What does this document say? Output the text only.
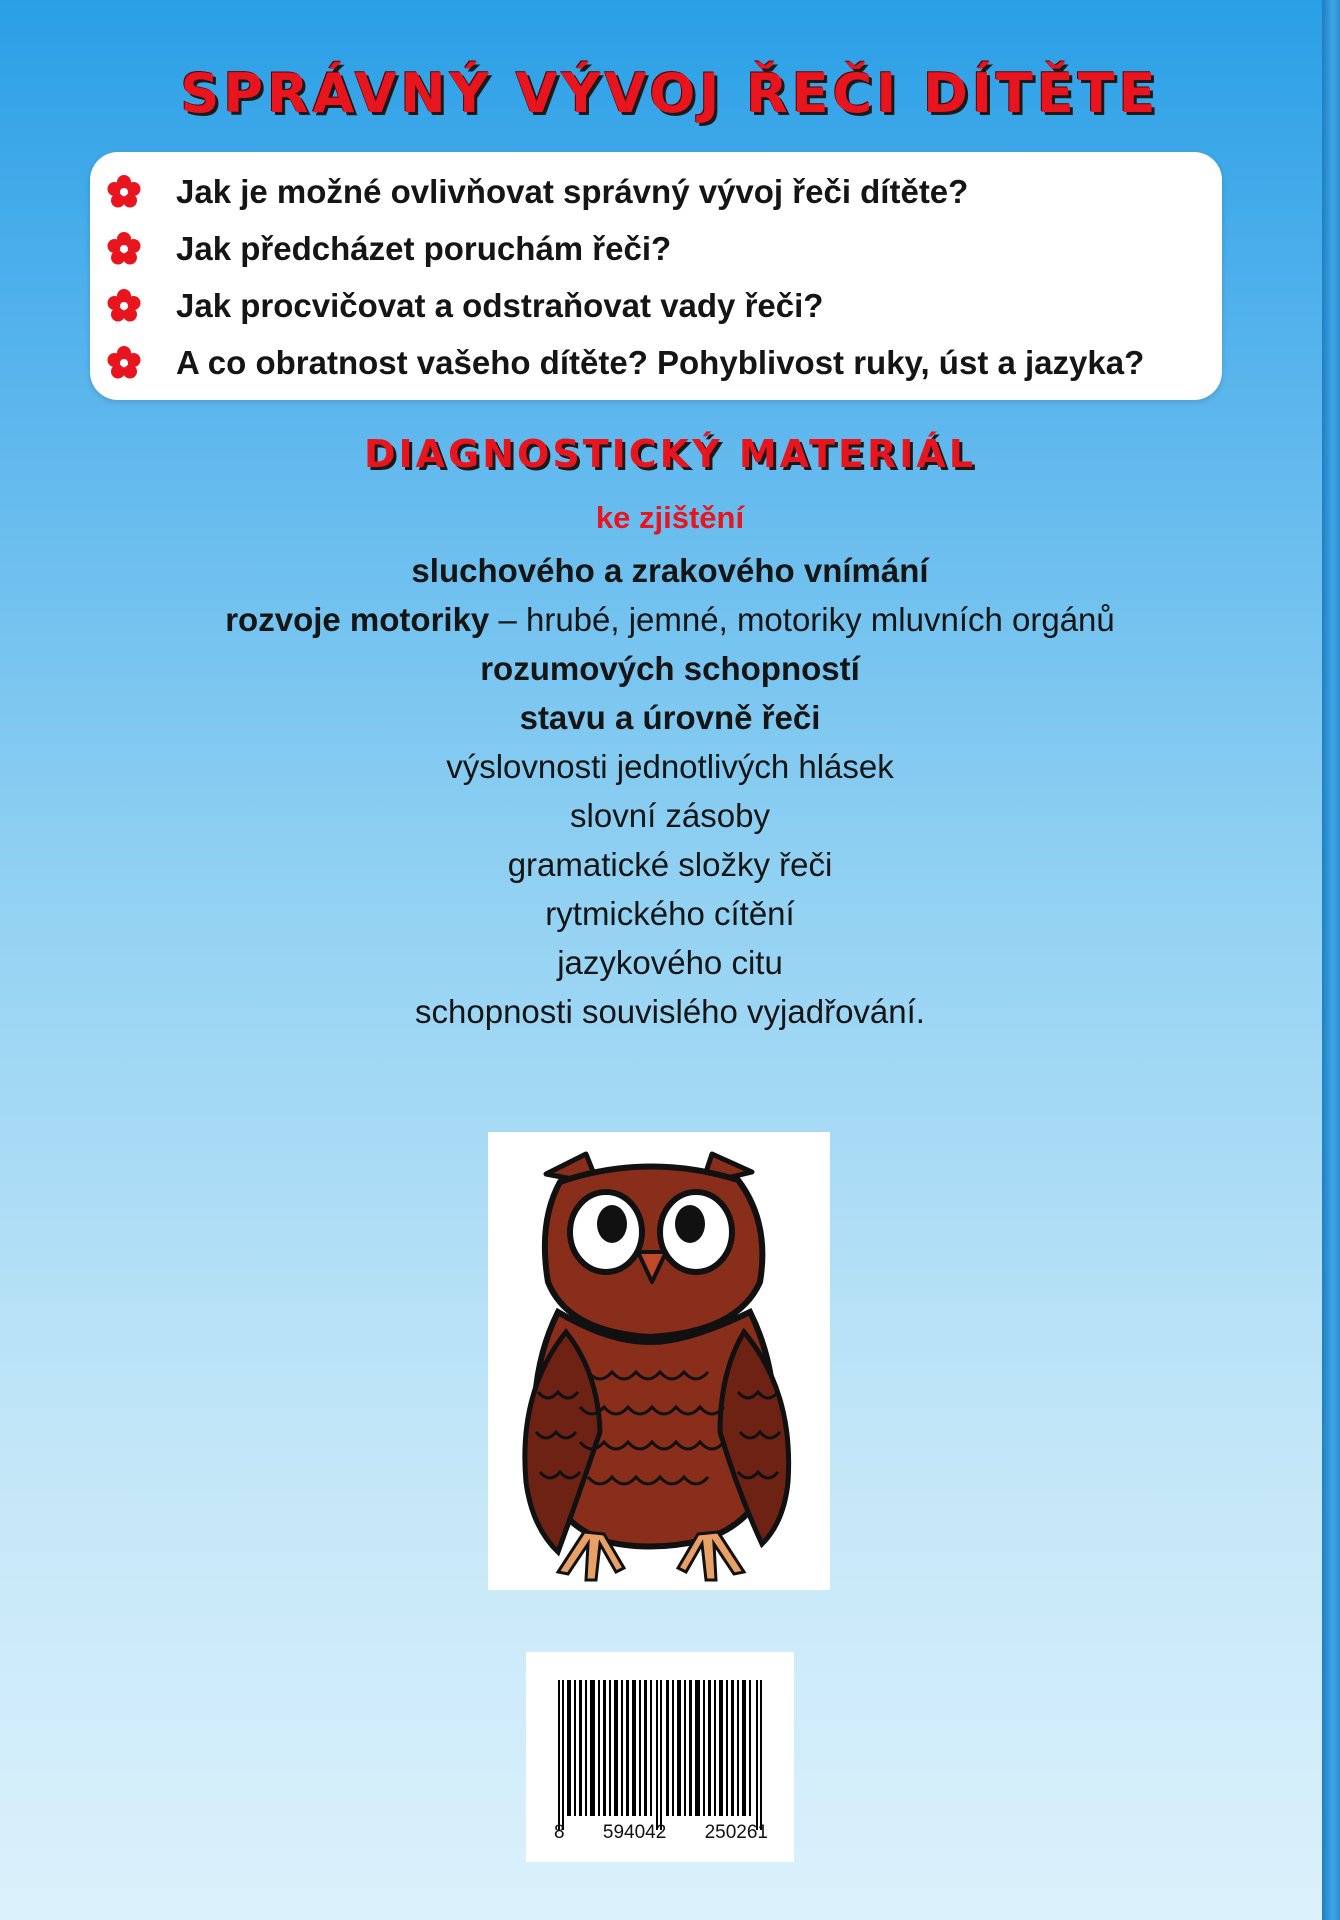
SPRÁVNÝ VÝVOJ ŘEČI DÍTĚTE
Jak je možné ovlivňovat správný vývoj řeči dítěte?
Jak předcházet poruchám řeči?
Jak procvičovat a odstraňovat vady řeči?
A co obratnost vašeho dítěte? Pohyblivost ruky, úst a jazyka?
DIAGNOSTICKÝ MATERIÁL
ke zjištění
sluchového a zrakového vnímání
rozvoje motoriky – hrubé, jemné, motoriky mluvních orgánů
rozumových schopností
stavu a úrovně řeči
výslovnosti jednotlivých hlásek
slovní zásoby
gramatické složky řeči
rytmického cítění
jazykového citu
schopnosti souvislého vyjadřování.
8 594042 250261
